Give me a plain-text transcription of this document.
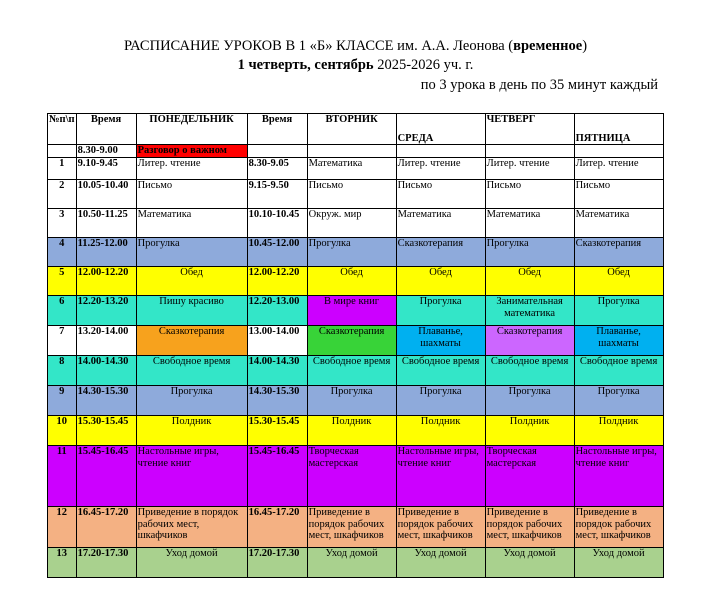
РАСПИСАНИЕ УРОКОВ В 1 «Б» КЛАССЕ им. А.А. Леонова (временное)
1 четверть, сентябрь 2025-2026 уч. г.
по 3 урока в день по 35 минут каждый
№п\п	Время	ПОНЕДЕЛЬНИК	Время	ВТОРНИК	СРЕДА	ЧЕТВЕРГ	ПЯТНИЦА
	8.30-9.00	Разговор о важном					
1	9.10-9.45	Литер. чтение	8.30-9.05	Математика	Литер. чтение	Литер. чтение	Литер. чтение
2	10.05-10.40	Письмо	9.15-9.50	Письмо	Письмо	Письмо	Письмо
3	10.50-11.25	Математика	10.10-10.45	Окруж. мир	Математика	Математика	Математика
4	11.25-12.00	Прогулка	10.45-12.00	Прогулка	Сказкотерапия	Прогулка	Сказкотерапия
5	12.00-12.20	Обед	12.00-12.20	Обед	Обед	Обед	Обед
6	12.20-13.20	Пишу красиво	12.20-13.00	В мире книг	Прогулка	Занимательная математика	Прогулка
7	13.20-14.00	Сказкотерапия	13.00-14.00	Сказкотерапия	Плаванье, шахматы	Сказкотерапия	Плаванье, шахматы
8	14.00-14.30	Свободное время	14.00-14.30	Свободное время	Свободное время	Свободное время	Свободное время
9	14.30-15.30	Прогулка	14.30-15.30	Прогулка	Прогулка	Прогулка	Прогулка
10	15.30-15.45	Полдник	15.30-15.45	Полдник	Полдник	Полдник	Полдник
11	15.45-16.45	Настольные игры, чтение книг	15.45-16.45	Творческая мастерская	Настольные игры, чтение книг	Творческая мастерская	Настольные игры, чтение книг
12	16.45-17.20	Приведение в порядок рабочих мест, шкафчиков	16.45-17.20	Приведение в порядок рабочих мест, шкафчиков	Приведение в порядок рабочих мест, шкафчиков	Приведение в порядок рабочих мест, шкафчиков	Приведение в порядок рабочих мест, шкафчиков
13	17.20-17.30	Уход домой	17.20-17.30	Уход домой	Уход домой	Уход домой	Уход домой
